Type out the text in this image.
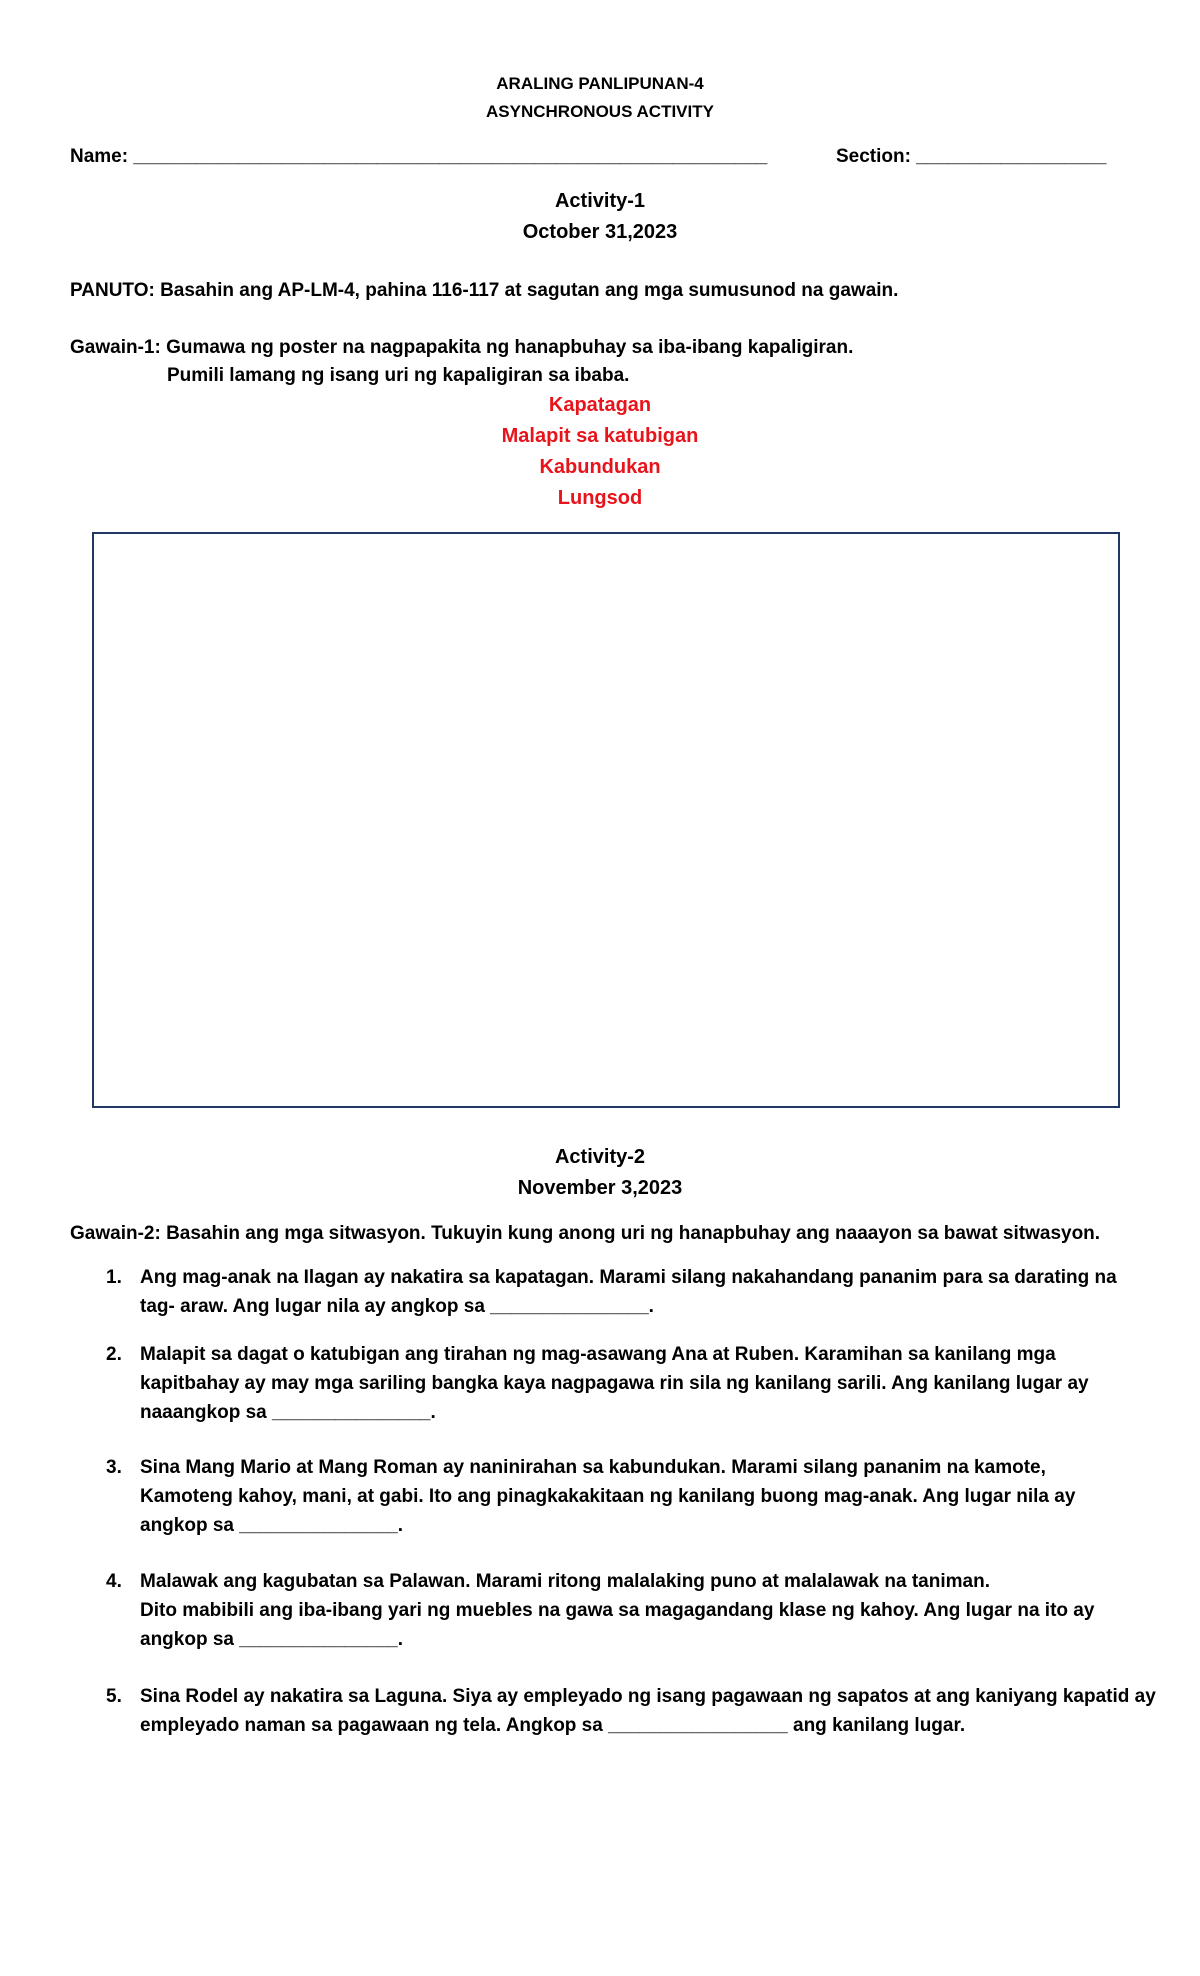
ARALING PANLIPUNAN-4
ASYNCHRONOUS ACTIVITY
Name: ____________________________________________________________	Section: __________________
Activity-1
October 31,2023
PANUTO: Basahin ang AP-LM-4, pahina 116-117 at sagutan ang mga sumusunod na gawain.
Gawain-1: Gumawa ng poster na nagpapakita ng hanapbuhay sa iba-ibang kapaligiran.
Pumili lamang ng isang uri ng kapaligiran sa ibaba.
Kapatagan
Malapit sa katubigan
Kabundukan
Lungsod
Activity-2
November 3,2023
Gawain-2: Basahin ang mga sitwasyon. Tukuyin kung anong uri ng hanapbuhay ang naaayon sa bawat sitwasyon.
1. Ang mag-anak na Ilagan ay nakatira sa kapatagan. Marami silang nakahandang pananim para sa darating na
tag- araw. Ang lugar nila ay angkop sa _______________.
2. Malapit sa dagat o katubigan ang tirahan ng mag-asawang Ana at Ruben. Karamihan sa kanilang mga
kapitbahay ay may mga sariling bangka kaya nagpagawa rin sila ng kanilang sarili. Ang kanilang lugar ay
naaangkop sa _______________.
3. Sina Mang Mario at Mang Roman ay naninirahan sa kabundukan. Marami silang pananim na kamote,
Kamoteng kahoy, mani, at gabi. Ito ang pinagkakakitaan ng kanilang buong mag-anak. Ang lugar nila ay
angkop sa _______________.
4. Malawak ang kagubatan sa Palawan. Marami ritong malalaking puno at malalawak na taniman.
Dito mabibili ang iba-ibang yari ng muebles na gawa sa magagandang klase ng kahoy. Ang lugar na ito ay
angkop sa _______________.
5. Sina Rodel ay nakatira sa Laguna. Siya ay empleyado ng isang pagawaan ng sapatos at ang kaniyang kapatid ay
empleyado naman sa pagawaan ng tela. Angkop sa _________________ ang kanilang lugar.
